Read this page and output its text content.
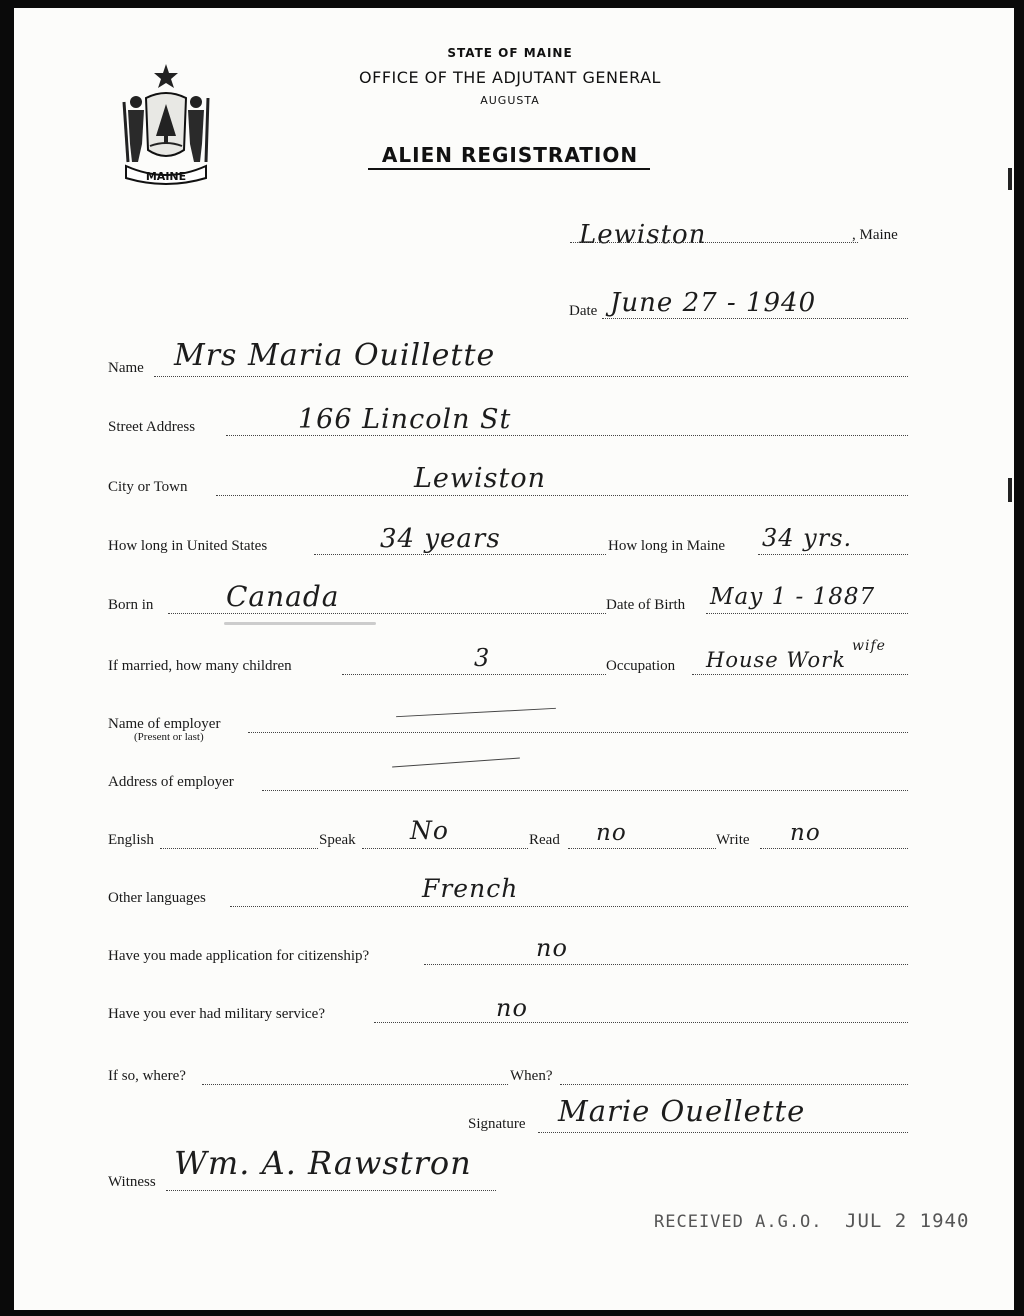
MAINE
STATE OF MAINE
OFFICE OF THE ADJUTANT GENERAL
AUGUSTA
ALIEN REGISTRATION
Lewiston	, Maine
Date June 27 - 1940
Name Mrs Maria Ouillette
Street Address	166 Lincoln St
City or Town	Lewiston
How long in United States	34 years	How long in Maine 34 yrs.
Born in	Canada	Date of Birth May 1 - 1887
If married, how many children	3	Occupation House Work
wife
Name of employer
(Present or last)
Address of employer
English	Speak No	Read no	Write no
Other languages	French
Have you made application for citizenship?	no
Have you ever had military service?	no
If so, where?	When?
Signature Marie Ouellette
Witness Wm. A. Rawstron
RECEIVED A.G.O. JUL 2 1940
